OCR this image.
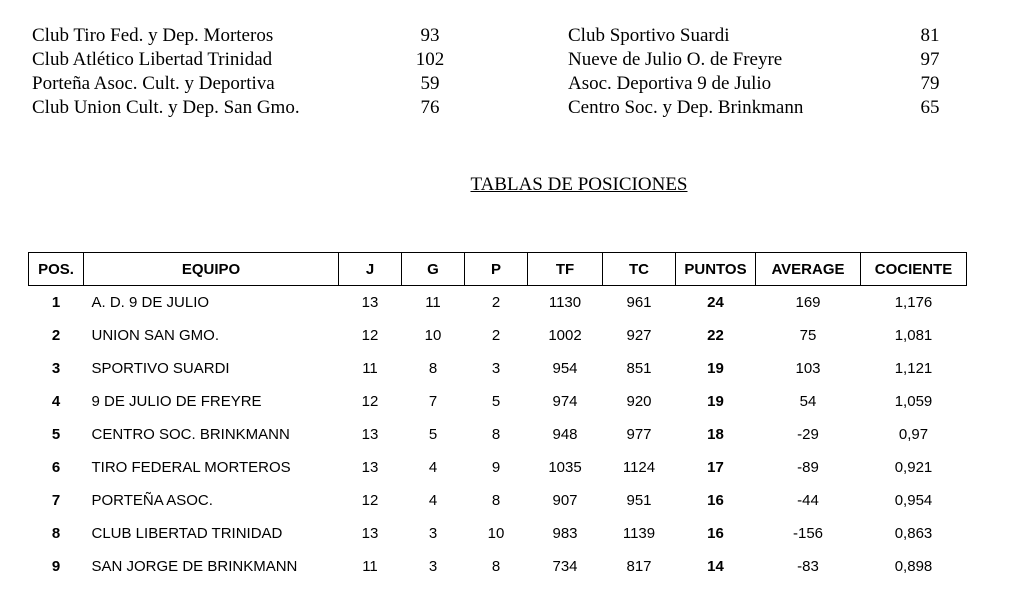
Club Tiro Fed. y Dep. Morteros	93	Club Sportivo Suardi	81
Club Atlético Libertad Trinidad	102	Nueve de Julio O. de Freyre	97
Porteña Asoc. Cult. y Deportiva	59	Asoc. Deportiva 9 de Julio	79
Club Union Cult. y Dep. San Gmo.	76	Centro Soc. y Dep. Brinkmann	65
TABLAS DE POSICIONES
POS.	EQUIPO	J	G	P	TF	TC	PUNTOS	AVERAGE	COCIENTE
1	A. D. 9 DE JULIO	13	11	2	1130	961	24	169	1,176
2	UNION SAN GMO.	12	10	2	1002	927	22	75	1,081
3	SPORTIVO SUARDI	11	8	3	954	851	19	103	1,121
4	9 DE JULIO DE FREYRE	12	7	5	974	920	19	54	1,059
5	CENTRO SOC. BRINKMANN	13	5	8	948	977	18	-29	0,97
6	TIRO FEDERAL MORTEROS	13	4	9	1035	1124	17	-89	0,921
7	PORTEÑA ASOC.	12	4	8	907	951	16	-44	0,954
8	CLUB LIBERTAD TRINIDAD	13	3	10	983	1139	16	-156	0,863
9	SAN JORGE DE BRINKMANN	11	3	8	734	817	14	-83	0,898
